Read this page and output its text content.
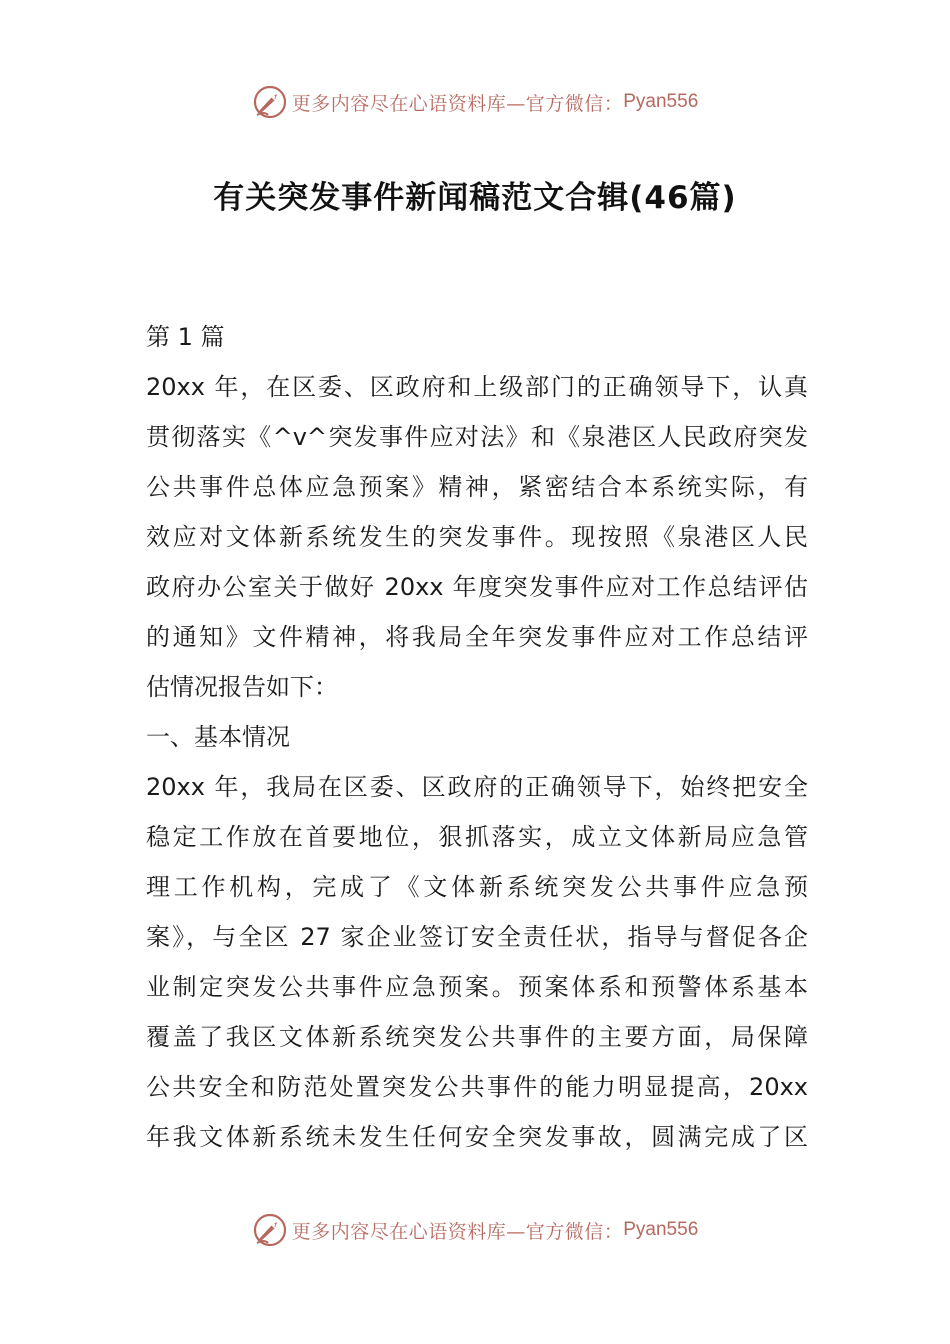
更多内容尽在心语资料库—官方微信： Pyan556
有关突发事件新闻稿范文合辑(46篇)
第 1 篇
20xx 年，在区委、区政府和上级部门的正确领导下，认真
贯彻落实《^v^突发事件应对法》和《泉港区人民政府突发
公共事件总体应急预案》精神，紧密结合本系统实际，有
效应对文体新系统发生的突发事件。现按照《泉港区人民
政府办公室关于做好 20xx 年度突发事件应对工作总结评估
的通知》文件精神，将我局全年突发事件应对工作总结评
估情况报告如下：
一、基本情况
20xx 年，我局在区委、区政府的正确领导下，始终把安全
稳定工作放在首要地位，狠抓落实，成立文体新局应急管
理工作机构，完成了《文体新系统突发公共事件应急预
案》，与全区 27 家企业签订安全责任状，指导与督促各企
业制定突发公共事件应急预案。预案体系和预警体系基本
覆盖了我区文体新系统突发公共事件的主要方面，局保障
公共安全和防范处置突发公共事件的能力明显提高，20xx
年我文体新系统未发生任何安全突发事故，圆满完成了区
更多内容尽在心语资料库—官方微信： Pyan556
